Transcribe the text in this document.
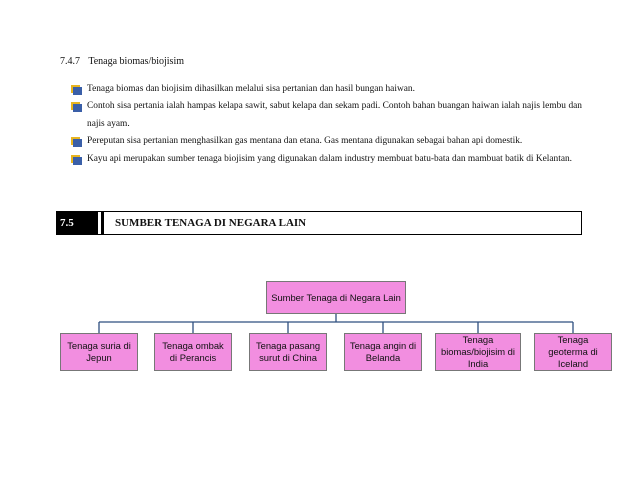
7.4.7 Tenaga biomas/biojisim
Tenaga biomas dan biojisim dihasilkan melalui sisa pertanian dan hasil bungan haiwan.
Contoh sisa pertania ialah hampas kelapa sawit, sabut kelapa dan sekam padi. Contoh bahan buangan haiwan ialah najis lembu dan najis ayam.
Pereputan sisa pertanian menghasilkan gas mentana dan etana. Gas mentana digunakan sebagai bahan api domestik.
Kayu api merupakan sumber tenaga biojisim yang digunakan dalam industry membuat batu-bata dan mambuat batik di Kelantan.
7.5	SUMBER TENAGA DI NEGARA LAIN
Sumber Tenaga di Negara Lain
Tenaga suria di Jepun
Tenaga ombak di Perancis
Tenaga pasang surut di China
Tenaga angin di Belanda
Tenaga biomas/biojisim di India
Tenaga geoterma di Iceland
